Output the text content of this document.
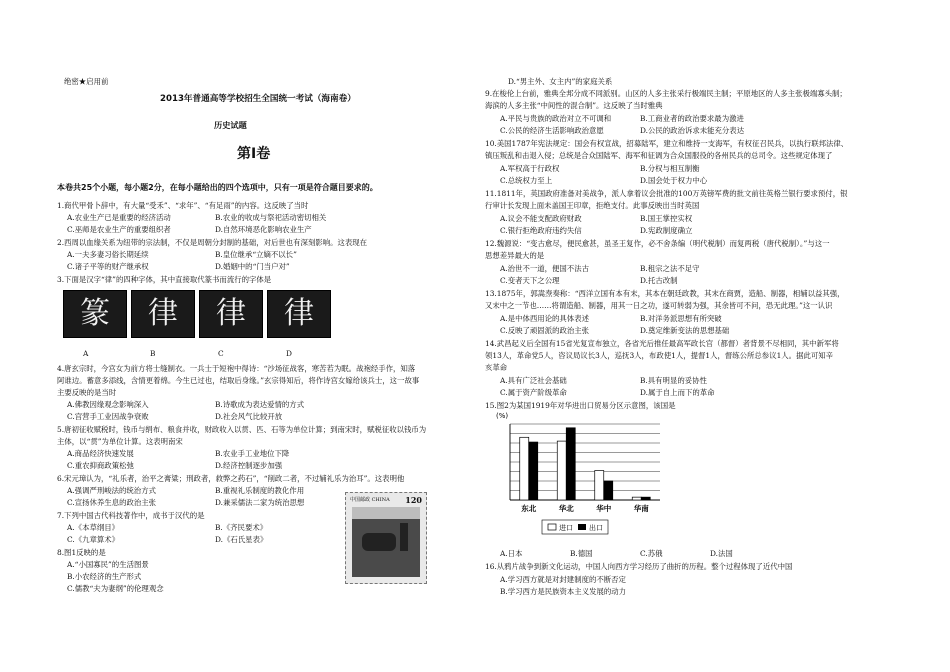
绝密★启用前
2013年普通高等学校招生全国统一考试（海南卷）
历史试题
第Ⅰ卷
本卷共25个小题，每小题2分，在每小题给出的四个选项中，只有一项是符合题目要求的。
1.商代甲骨卜辞中，有大量“受禾”、“求年”、“有足雨”的内容。这反映了当时
A.农业生产已是重要的经济活动	B.农业的收成与祭祀活动密切相关
C.巫师是农业生产的重要组织者	D.自然环境恶化影响农业生产
2.西周以血缘关系为纽带的宗法制，不仅是周朝分封制的基础，对后世也有深刻影响。这表现在
A.一夫多妻习俗长期延续	B.皇位继承“立嫡不以长”
C.诸子平等的财产继承权	D.婚姻中的“门当户对”
3.下面是汉字“律”的四种字体，其中直接取代篆书而流行的字体是
篆	律	律	律
A	B	C	D
4.唐玄宗时，今宫女为前方将士缝制衣。一兵士于短袍中得诗：“沙场征战客，寒苦若为眠。战袍经手作，知落
阿谁边。蓄意多添线，含情更着绵。今生已过也，结取后身缘。”玄宗得知后，将作诗宫女嫁给该兵士，这一故事
主要反映的是当时
A.佛教因缘观念影响深入	B.诗歌成为表达爱情的方式
C.宫营手工业因战争衰败	D.社会风气比较开放
5.唐初征收赋税时，钱币与绢布、粮食并收，财政收入以贯、匹、石等为单位计算；到南宋时，赋税征收以钱币为
主体，以“贯”为单位计算。这表明南宋
A.商品经济快速发展	B.农业手工业地位下降
C.重农抑商政策松弛	D.经济控制逐步加强
6.宋元璋认为，“礼乐者，治平之膏粱；刑政者，救弊之药石”，“削政二者，不过辅礼乐为治耳”。这表明他
A.强调严刑峻法的统治方式	B.重视礼乐制度的教化作用
C.宣扬休养生息的政治主张	D.兼采儒法二家为统治思想
7.下列中国古代科技著作中，成书于汉代的是
A.《本草纲目》	B.《齐民要术》
C.《九章算术》	D.《石氏星表》
8.图1反映的是
A.“小国寡民”的生活图景
B.小农经济的生产形式
C.儒教“夫为妻纲”的伦理观念
中国邮政 CHINA 120
D.“男主外、女主内”的家庭关系
9.在梭伦上台前，雅典全邦分成不同派别。山区的人多主张采行极端民主制；平原地区的人多主张极端寡头制；
海滨的人多主张“中间性的混合制”。这反映了当时雅典
A.平民与贵族的政治对立不可调和	B.工商业者的政治要求最为激进
C.公民的经济生活影响政治意愿	D.公民的政治诉求未能充分表达
10.美国1787年宪法规定：国会有权宣战，招募陆军，建立和维持一支海军，有权征召民兵，以执行联邦法律、
镇压叛乱和击退入侵；总统是合众国陆军、海军和征调为合众国服役的各州民兵的总司令。这些规定体现了
A.军权高于行政权	B.分权与相互制衡
C.总统权力至上	D.国会处于权力中心
11.1811年，英国政府准备对美战争，派人拿着议会批准的100万英镑军费的批文前往英格兰银行要求预付，银
行审计长发现上面未盖国王印章，拒绝支付。此事反映出当时英国
A.议会不能支配政府财政	B.国王掌控实权
C.银行拒绝政府违约失信	D.宪政制度确立
12.魏源说：“变古愈尽，便民愈甚，虽圣王复作，必不舍条编（明代税制）而复两税（唐代税制）。”与这一
思想差异最大的是
A.治世不一道，便国不法古	B.租宗之法不足守
C.变者天下之公理	D.托古改制
13.1875年，郭嵩焘奏称：“西洋立国有本有末，其本在朝廷政教，其末在商贾，造船、制器，相辅以益其强，
又末中之一节也……将谓造船、制器，用其一日之功，遂可转弱为强，其余皆可不问，恐无此理。”这一认识
A.是中体西用论的具体表述	B.对洋务派思想有所突破
C.反映了顽固派的政治主张	D.奠定维新变法的思想基础
14.武昌起义后全国有15省光复宣布独立，各省光后推任最高军政长官（都督）者背景不尽相同，其中新军将
领13人，革命党5人，咨议局议长3人，巡抚3人，布政使1人，提督1人，督练公所总参议1人。据此可知辛
亥革命
A.具有广泛社会基础	B.具有明显的妥协性
C.属于资产阶级革命	D.属于自上而下的革命
15.图2为某国1919年对华进出口贸易分区示意图，该国是
(%)
东北	华北	华中	华南
进口 出口
A.日本	B.德国	C.苏俄	D.法国
16.从鸦片战争到新文化运动，中国人向西方学习经历了曲折的历程。整个过程体现了近代中国
A.学习西方就是对封建制度的不断否定
B.学习西方是民族资本主义发展的动力
